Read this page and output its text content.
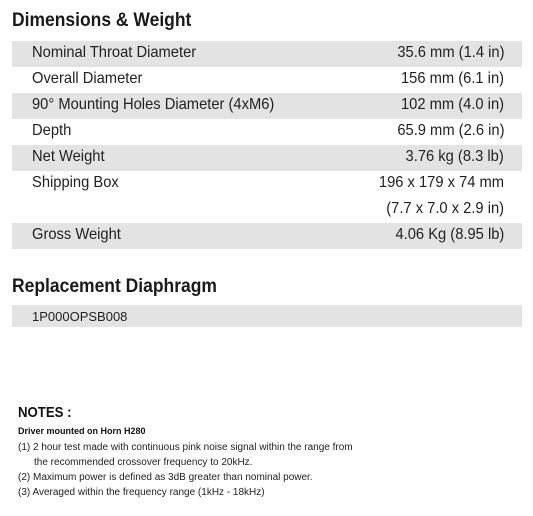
Dimensions & Weight
Nominal Throat Diameter	35.6 mm (1.4 in)
Overall Diameter	156 mm (6.1 in)
90° Mounting Holes Diameter (4xM6)	102 mm (4.0 in)
Depth	65.9 mm (2.6 in)
Net Weight	3.76 kg (8.3 lb)
Shipping Box	196 x 179 x 74 mm
(7.7 x 7.0 x 2.9 in)
Gross Weight	4.06 Kg (8.95 lb)
Replacement Diaphragm
1P000OPSB008
NOTES :
Driver mounted on Horn H280
(1) 2 hour test made with continuous pink noise signal within the range from
the recommended crossover frequency to 20kHz.
(2) Maximum power is defined as 3dB greater than nominal power.
(3) Averaged within the frequency range (1kHz - 18kHz)
